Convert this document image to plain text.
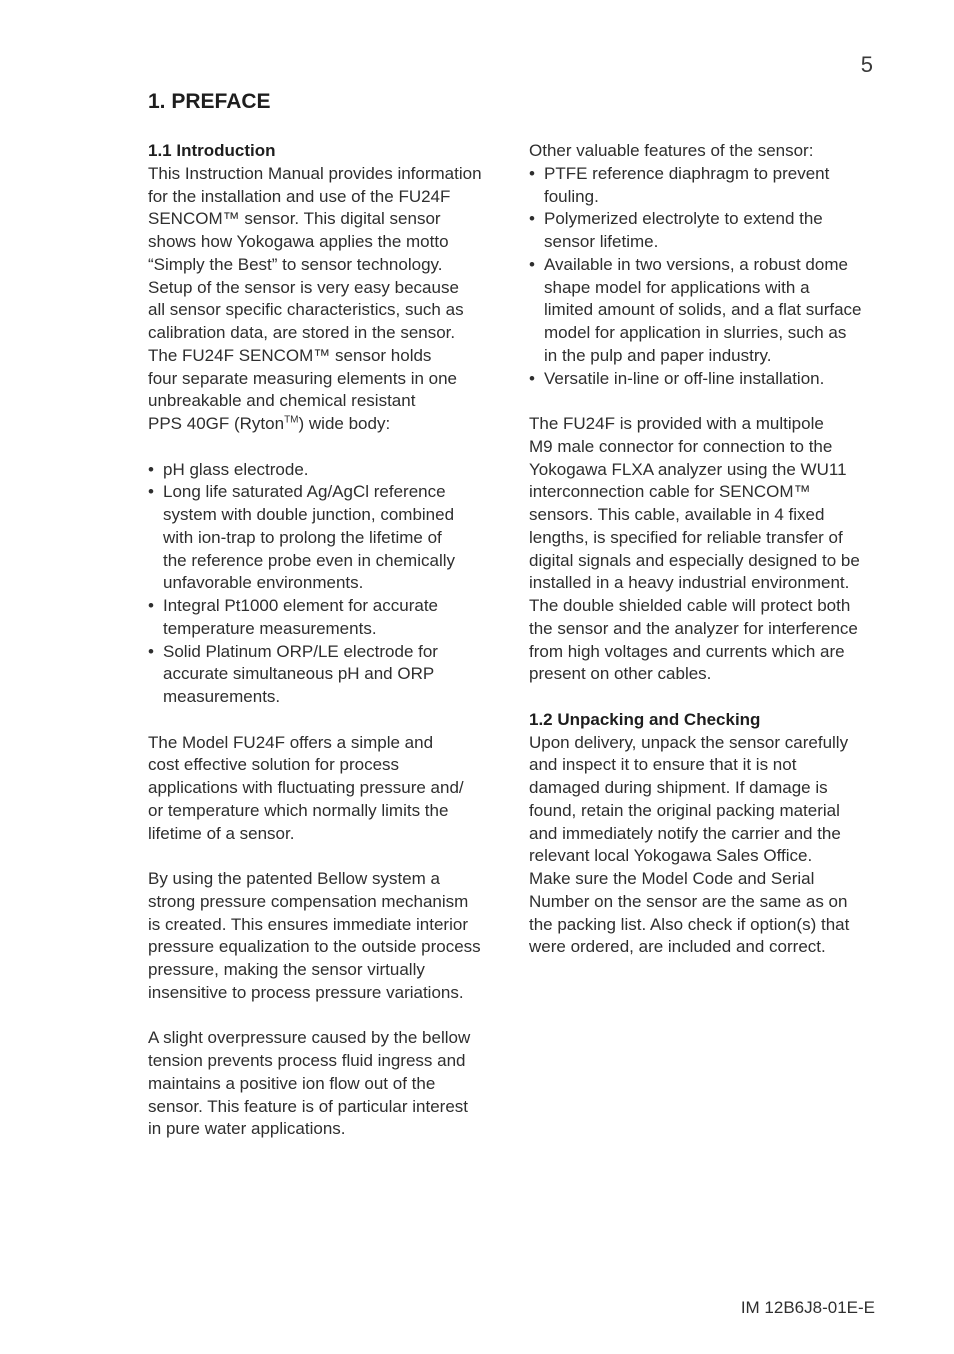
5
1. PREFACE
1.1 Introduction

This Instruction Manual provides information
for the installation and use of the FU24F
SENCOM™ sensor. This digital sensor
shows how Yokogawa applies the motto
“Simply the Best” to sensor technology.
Setup of the sensor is very easy because
all sensor specific characteristics, such as
calibration data, are stored in the sensor.
The FU24F SENCOM™ sensor holds
four separate measuring elements in one
unbreakable and chemical resistant

PPS 40GF (Ryton™) wide body:

• pH glass electrode.
• Long life saturated Ag/AgCl reference
system with double junction, combined
with ion-trap to prolong the lifetime of
the reference probe even in chemically
unfavorable environments.
• Integral Pt1000 element for accurate
temperature measurements.
• Solid Platinum ORP/LE electrode for
accurate simultaneous pH and ORP
measurements.

The Model FU24F offers a simple and
cost effective solution for process
applications with fluctuating pressure and/
or temperature which normally limits the
lifetime of a sensor.

By using the patented Bellow system a
strong pressure compensation mechanism
is created. This ensures immediate interior
pressure equalization to the outside process
pressure, making the sensor virtually
insensitive to process pressure variations.

A slight overpressure caused by the bellow
tension prevents process fluid ingress and
maintains a positive ion flow out of the
sensor. This feature is of particular interest
in pure water applications.

Other valuable features of the sensor:

• PTFE reference diaphragm to prevent
fouling.
• Polymerized electrolyte to extend the
sensor lifetime.
• Available in two versions, a robust dome
shape model for applications with a
limited amount of solids, and a flat surface
model for application in slurries, such as
in the pulp and paper industry.
• Versatile in-line or off-line installation.

The FU24F is provided with a multipole
M9 male connector for connection to the
Yokogawa FLXA analyzer using the WU11
interconnection cable for SENCOM™
sensors. This cable, available in 4 fixed
lengths, is specified for reliable transfer of
digital signals and especially designed to be
installed in a heavy industrial environment.
The double shielded cable will protect both
the sensor and the analyzer for interference
from high voltages and currents which are
present on other cables.

1.2 Unpacking and Checking

Upon delivery, unpack the sensor carefully
and inspect it to ensure that it is not
damaged during shipment. If damage is
found, retain the original packing material
and immediately notify the carrier and the
relevant local Yokogawa Sales Office.
Make sure the Model Code and Serial
Number on the sensor are the same as on
the packing list. Also check if option(s) that
were ordered, are included and correct.

IM 12B6J8-01E-E
